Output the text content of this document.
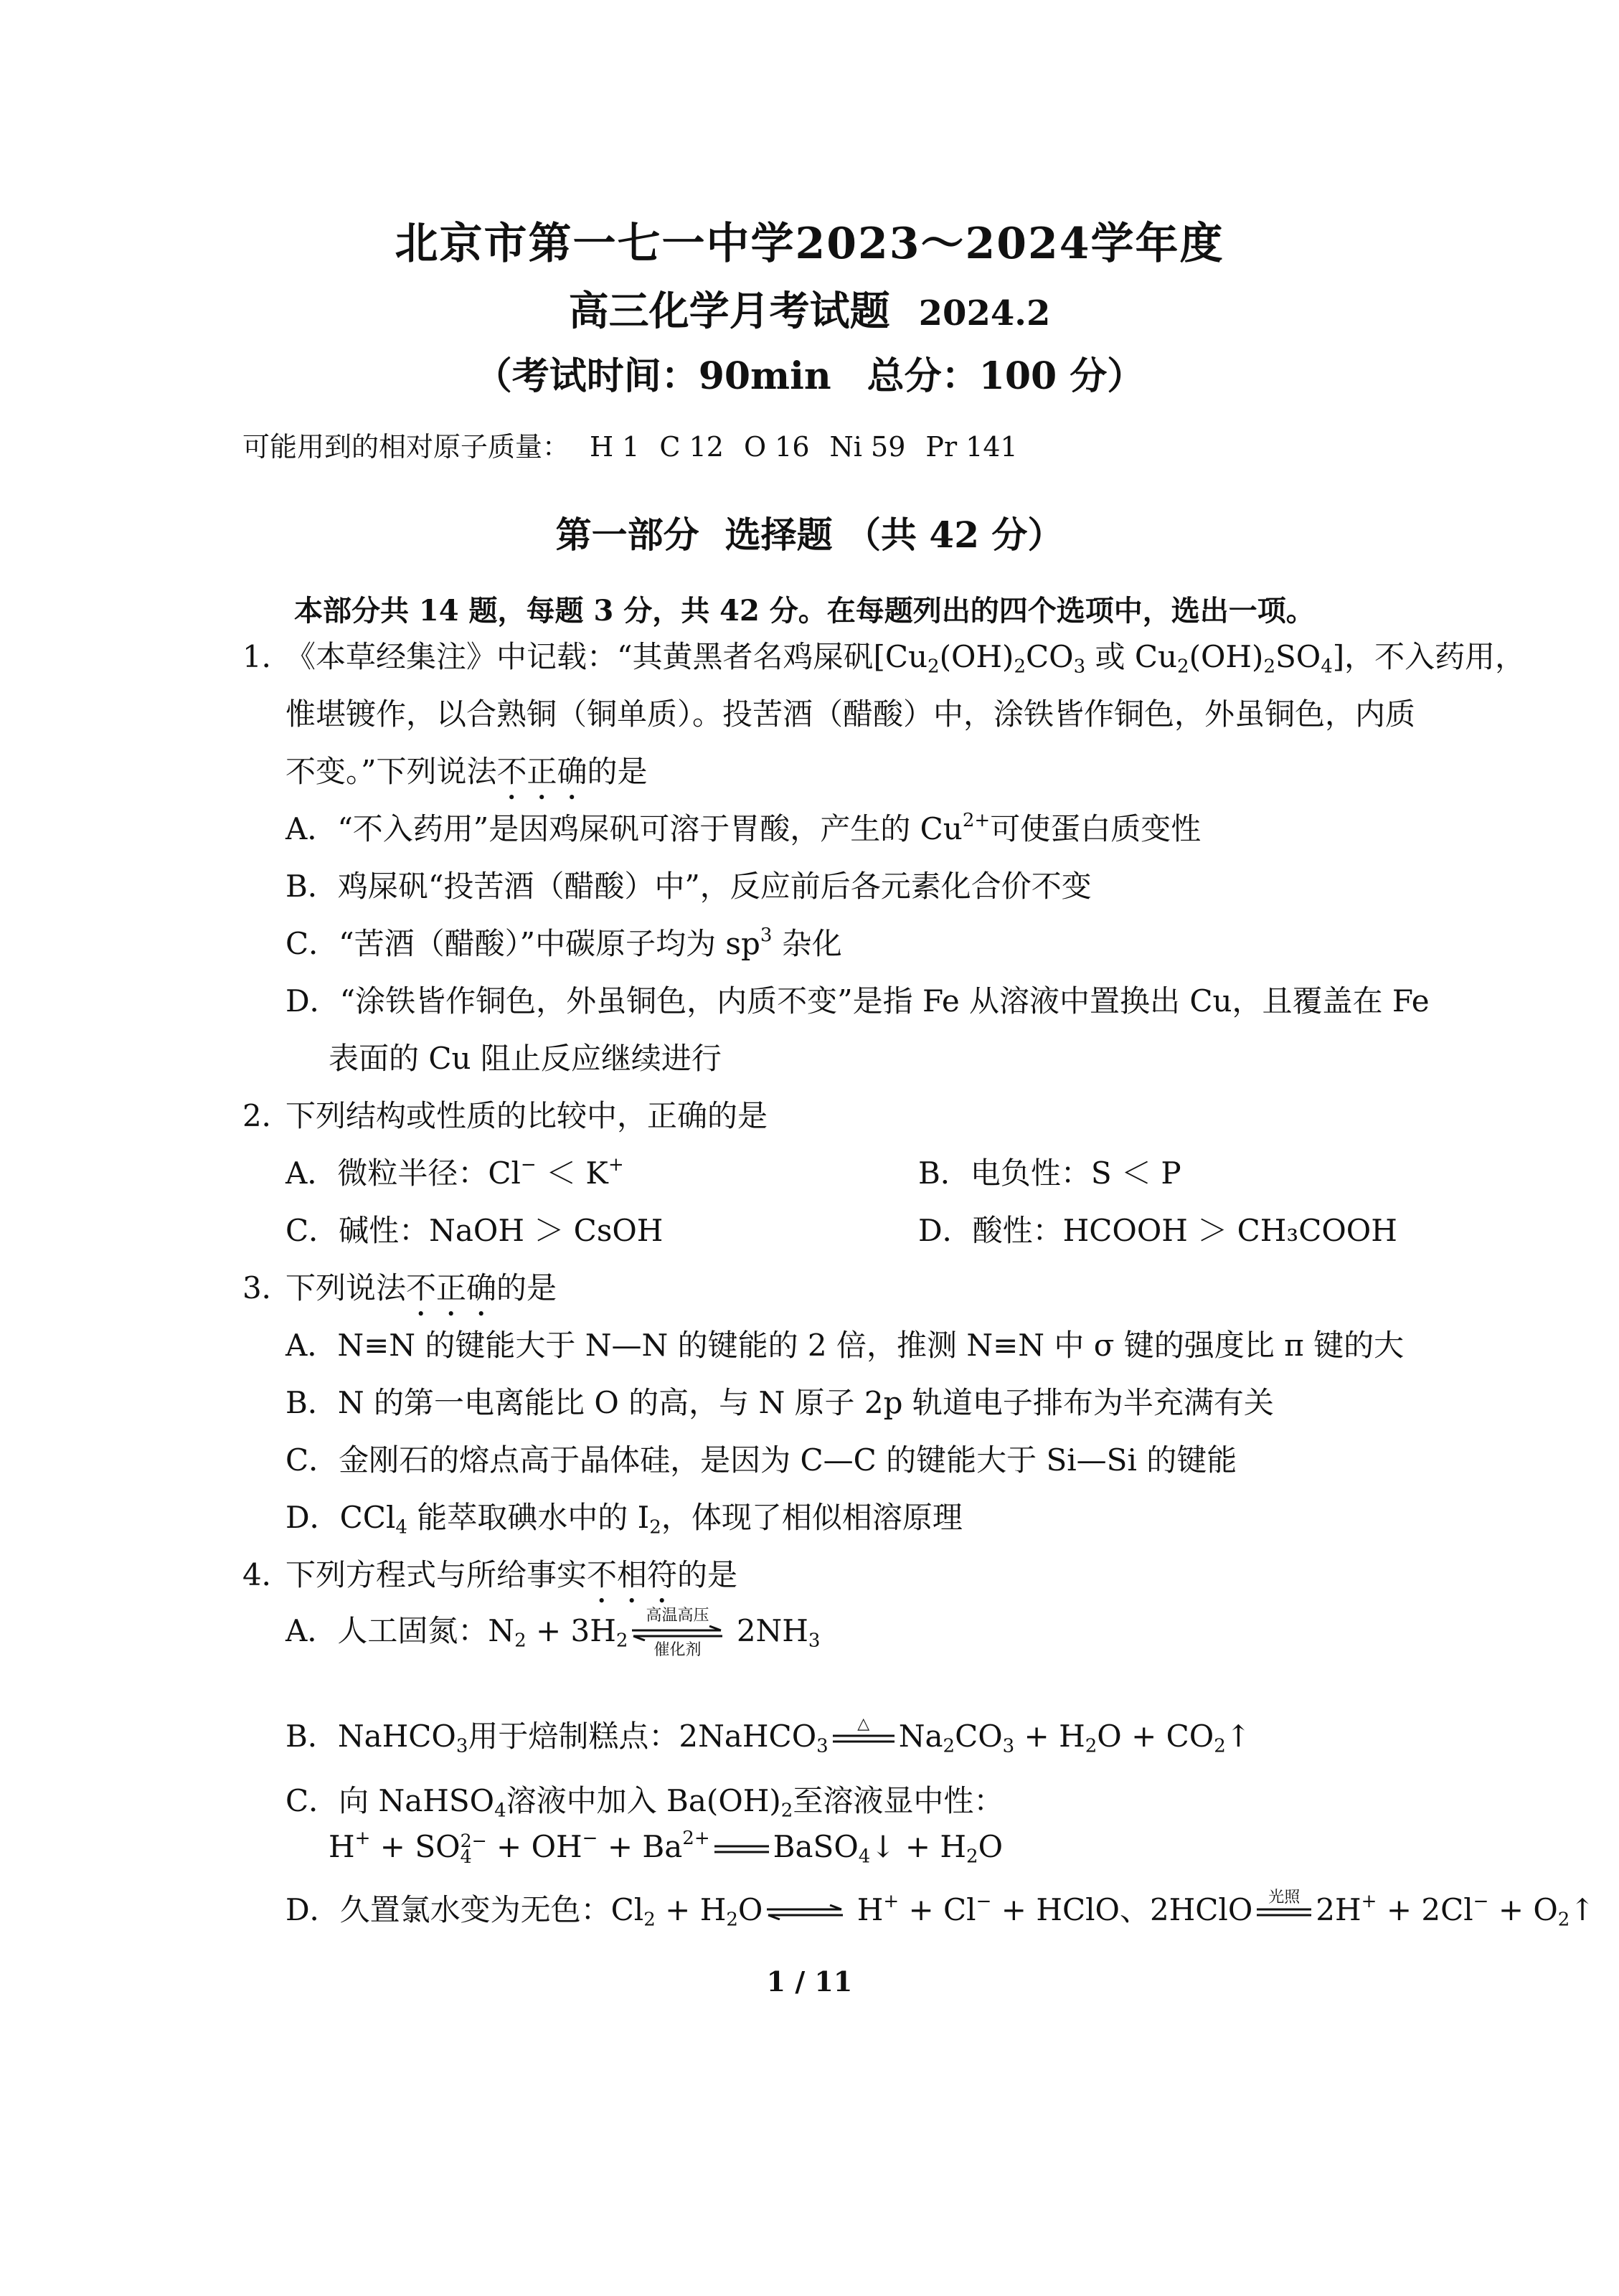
北京市第一七一中学2023～2024学年度
高三化学月考试题 2024.2
（考试时间：90min 总分：100 分）
可能用到的相对原子质量： H 1 C 12 O 16 Ni 59 Pr 141
第一部分 选择题 （共 42 分）
本部分共 14 题，每题 3 分，共 42 分。在每题列出的四个选项中，选出一项。
1．
《本草经集注》中记载：“其黄黑者名鸡屎矾[$Cu_2(OH)_2CO_3$ 或 $Cu_2(OH)_2SO_4$]，不入药用，
惟堪镀作，以合熟铜（铜单质）。投苦酒（醋酸）中，涂铁皆作铜色，外虽铜色，内质
不变。”下列说法不正确的是
A．“不入药用”是因鸡屎矾可溶于胃酸，产生的 $Cu^{2+}$可使蛋白质变性
B．鸡屎矾“投苦酒（醋酸）中”，反应前后各元素化合价不变
C．“苦酒（醋酸）”中碳原子均为 $sp^3$ 杂化
D．“涂铁皆作铜色，外虽铜色，内质不变”是指 Fe 从溶液中置换出 Cu，且覆盖在 Fe
表面的 Cu 阻止反应继续进行
2．
下列结构或性质的比较中，正确的是
A．微粒半径：Cl− ＜ K+	B．电负性：S ＜ P
C．碱性：NaOH ＞ CsOH	D．酸性：HCOOH ＞ CH₃COOH
3．
下列说法不正确的是
A．N≡N 的键能大于 N—N 的键能的 2 倍，推测 N≡N 中 σ 键的强度比 π 键的大
B．N 的第一电离能比 O 的高，与 N 原子 2p 轨道电子排布为半充满有关
C．金刚石的熔点高于晶体硅，是因为 C—C 的键能大于 Si—Si 的键能
D．CCl$_4$ 能萃取碘水中的 $I_2$，体现了相似相溶原理
4．
下列方程式与所给事实不相符的是
A．人工固氮：$N_2 + 3H_2$
高温高压
催化剂
$2NH_3$
B．NaHCO$_3$用于焙制糕点：2NaHCO$_3$
△
$Na_2CO_3 + H_2O$ + $CO_2↑$
C．向 NaHSO$_4$溶液中加入 $Ba(OH)_2$至溶液显中性：
H+ + SO2−
$4 + OH^- + Ba^{2+}$ BaSO$_4$↓ + $H_2O$
D．久置氯水变为无色：$Cl_2 + H_2O$ ⇌ H+ + Cl− + HClO、2HClO 光照
$2H^+ + 2Cl^- + O_2↑$
1 / 11
